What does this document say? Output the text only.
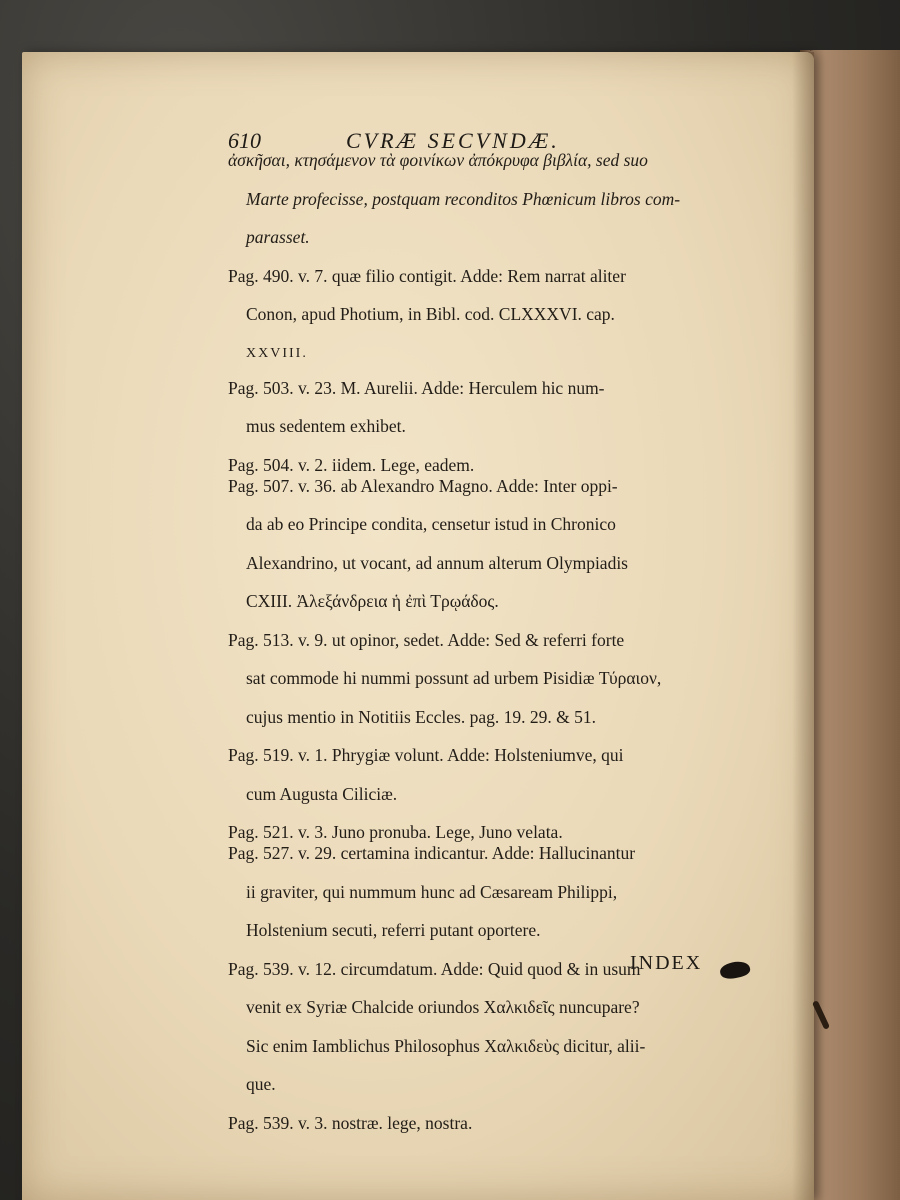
610	CVRÆ SECVNDÆ.

ἀσκῆσαι, κτησάμενον τὰ φοινίκων ἀπόκρυφα βιβλία, sed suo

Marte profecisse, postquam reconditos Phœnicum libros com-

parasset.

Pag. 490. v. 7. quæ filio contigit. Adde: Rem narrat aliter

Conon, apud Photium, in Bibl. cod. CLXXXVI. cap.

XXVIII.

Pag. 503. v. 23. M. Aurelii. Adde: Herculem hic num-

mus sedentem exhibet.

Pag. 504. v. 2. iidem. Lege, eadem.

Pag. 507. v. 36. ab Alexandro Magno. Adde: Inter oppi-

da ab eo Principe condita, censetur istud in Chronico

Alexandrino, ut vocant, ad annum alterum Olympiadis

CXIII. Ἀλεξάνδρεια ἡ ἐπὶ Τρῳάδος.

Pag. 513. v. 9. ut opinor, sedet. Adde: Sed & referri forte

sat commode hi nummi possunt ad urbem Pisidiæ Τύραιον,

cujus mentio in Notitiis Eccles. pag. 19. 29. & 51.

Pag. 519. v. 1. Phrygiæ volunt. Adde: Holsteniumve, qui

cum Augusta Ciliciæ.

Pag. 521. v. 3. Juno pronuba. Lege, Juno velata.

Pag. 527. v. 29. certamina indicantur. Adde: Hallucinantur

ii graviter, qui nummum hunc ad Cæsaream Philippi,

Holstenium secuti, referri putant oportere.

Pag. 539. v. 12. circumdatum. Adde: Quid quod & in usum

venit ex Syriæ Chalcide oriundos Χαλκιδεῖς nuncupare?

Sic enim Iamblichus Philosophus Χαλκιδεὺς dicitur, alii-

que.

Pag. 539. v. 3. nostræ. lege, nostra.

INDEX
